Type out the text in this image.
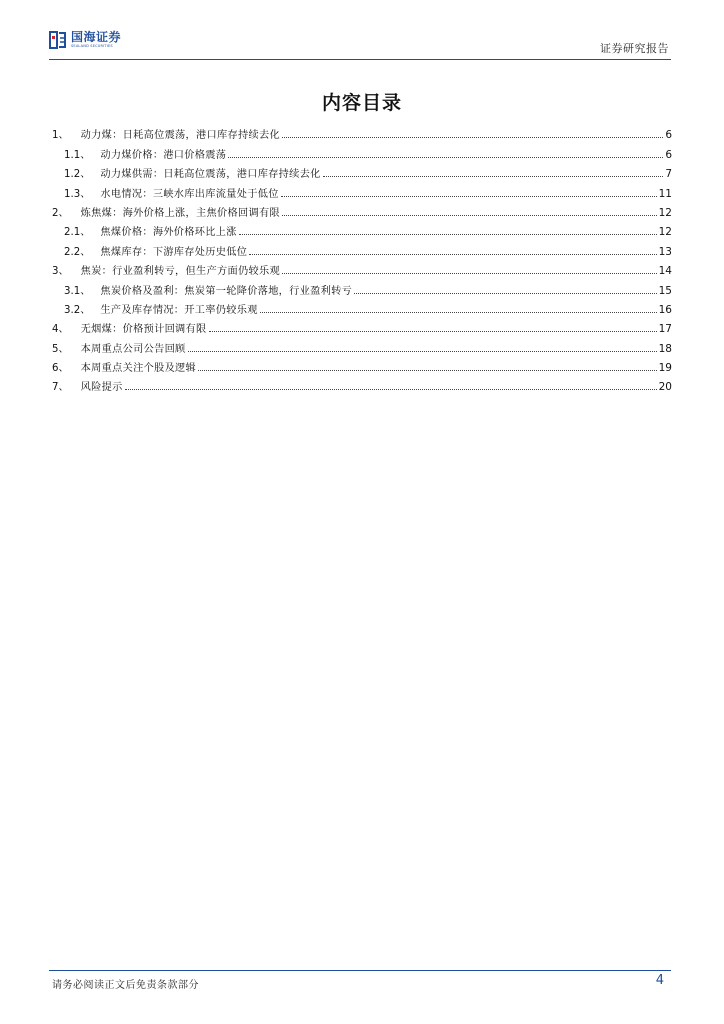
国海证券
SEALAND SECURITIES	证券研究报告
内容目录
1、 动力煤：日耗高位震荡，港口库存持续去化	6
1.1、 动力煤价格：港口价格震荡	6
1.2、 动力煤供需：日耗高位震荡，港口库存持续去化	7
1.3、 水电情况：三峡水库出库流量处于低位	11
2、 炼焦煤：海外价格上涨，主焦价格回调有限	12
2.1、 焦煤价格：海外价格环比上涨	12
2.2、 焦煤库存：下游库存处历史低位	13
3、 焦炭：行业盈利转亏，但生产方面仍较乐观	14
3.1、 焦炭价格及盈利：焦炭第一轮降价落地，行业盈利转亏	15
3.2、 生产及库存情况：开工率仍较乐观	16
4、 无烟煤：价格预计回调有限	17
5、 本周重点公司公告回顾	18
6、 本周重点关注个股及逻辑	19
7、 风险提示	20
请务必阅读正文后免责条款部分	4
